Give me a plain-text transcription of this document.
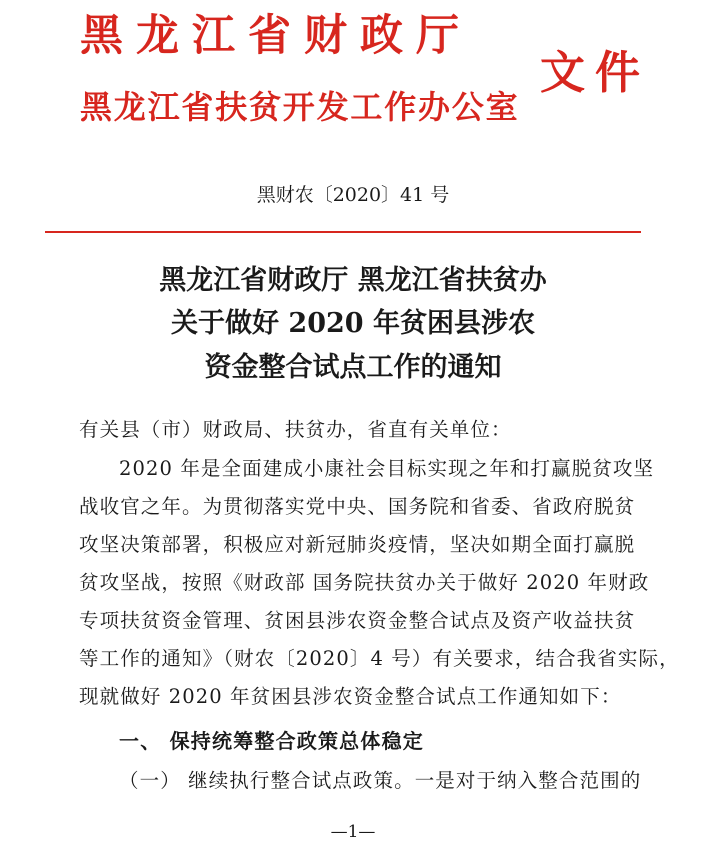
黑龙江省财政厅
黑龙江省扶贫开发工作办公室
文件
黑财农〔2020〕41 号
黑龙江省财政厅 黑龙江省扶贫办
关于做好 2020 年贫困县涉农
资金整合试点工作的通知
有关县（市）财政局、扶贫办，省直有关单位：
2020 年是全面建成小康社会目标实现之年和打赢脱贫攻坚
战收官之年。为贯彻落实党中央、国务院和省委、省政府脱贫
攻坚决策部署，积极应对新冠肺炎疫情，坚决如期全面打赢脱
贫攻坚战，按照《财政部 国务院扶贫办关于做好 2020 年财政
专项扶贫资金管理、贫困县涉农资金整合试点及资产收益扶贫
等工作的通知》（财农〔2020〕4 号）有关要求，结合我省实际，
现就做好 2020 年贫困县涉农资金整合试点工作通知如下：
一、 保持统筹整合政策总体稳定
（一） 继续执行整合试点政策。一是对于纳入整合范围的
—1—
